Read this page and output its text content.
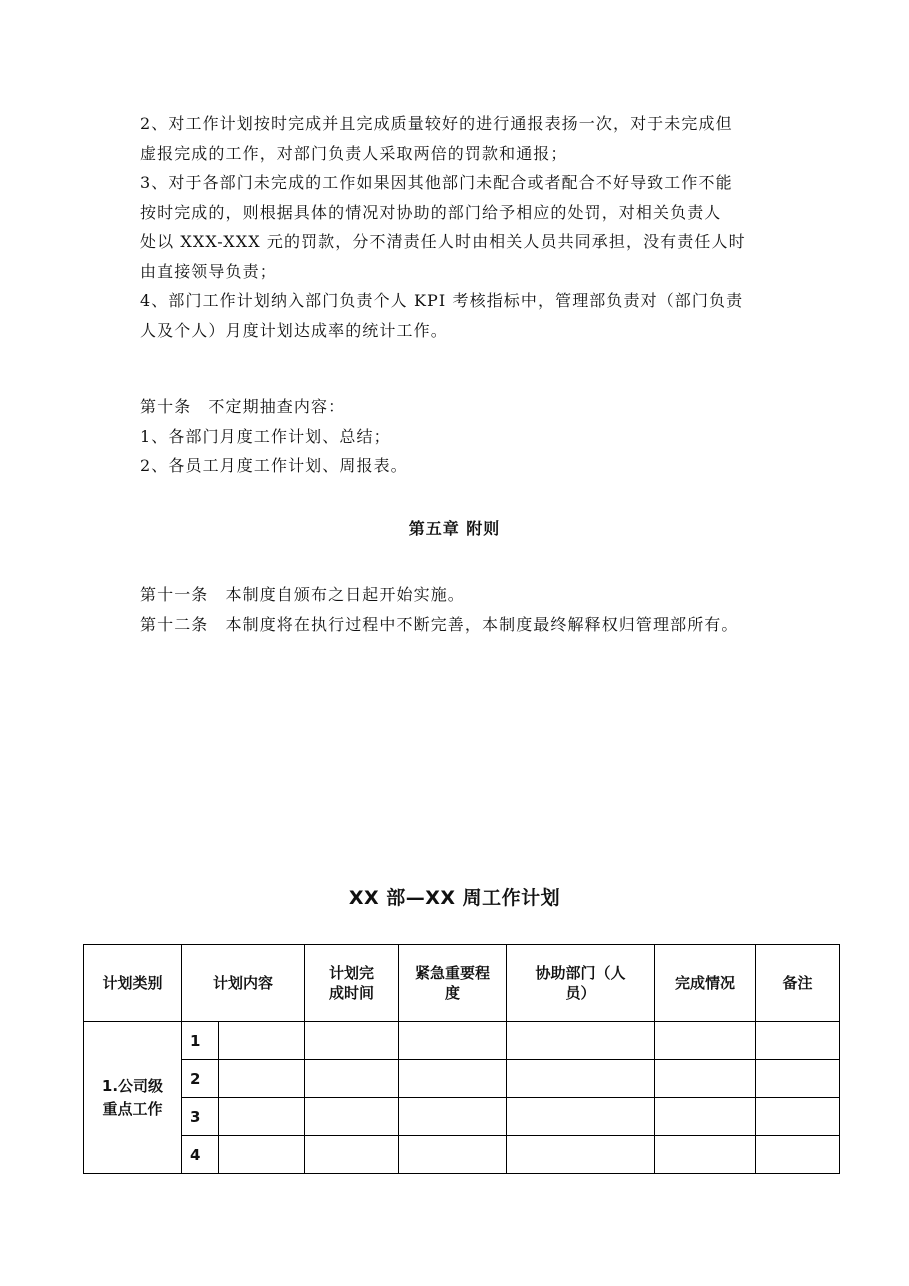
2、对工作计划按时完成并且完成质量较好的进行通报表扬一次，对于未完成但

虚报完成的工作，对部门负责人采取两倍的罚款和通报；

3、对于各部门未完成的工作如果因其他部门未配合或者配合不好导致工作不能

按时完成的，则根据具体的情况对协助的部门给予相应的处罚，对相关负责人

处以 XXX-XXX 元的罚款，分不清责任人时由相关人员共同承担，没有责任人时

由直接领导负责；

4、部门工作计划纳入部门负责个人 KPI 考核指标中，管理部负责对（部门负责

人及个人）月度计划达成率的统计工作。

第十条　不定期抽查内容：

1、各部门月度工作计划、总结；

2、各员工月度工作计划、周报表。

第五章 附则

第十一条　本制度自颁布之日起开始实施。

第十二条　本制度将在执行过程中不断完善，本制度最终解释权归管理部所有。

XX 部—XX 周工作计划
计划类别	计划内容		计划完成时间	紧急重要程度	协助部门（人员）	完成情况	备注

1.公司级重点工作	1						
	2						
	3						
	4						
